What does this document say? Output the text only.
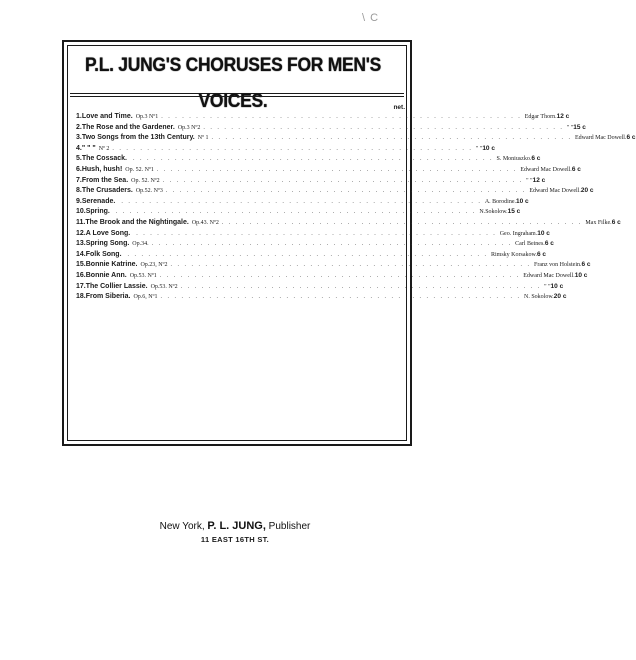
\ C
P.L. JUNG'S CHORUSES FOR MEN'S VOICES.	net.
1. Love and Time. Op.3 Nº1 . . . . . . . . . . . . . . . . . . . . . . . . . . . . . . . . . . . . . . . . . . . . . . . . . . . . Edgar Thorn. 12 c
2. The Rose and the Gardener. Op.3 Nº2 . . . . . . . . . . . . . . . . . . . . . . . . . . . . . . . . . . . . . . . . . . . . . . . . . . . . " " 15 c
3. Two Songs from the 13th Century. Nº 1 . . . . . . . . . . . . . . . . . . . . . . . . . . . . . . . . . . . . . . . . . . . . . . . . . . . . Edward Mac Dowell. 6 c
4. " " " Nº 2 . . . . . . . . . . . . . . . . . . . . . . . . . . . . . . . . . . . . . . . . . . . . . . . . . . . . " " 10 c
5. The Cossack. . . . . . . . . . . . . . . . . . . . . . . . . . . . . . . . . . . . . . . . . . . . . . . . . . . . . S. Moniuszko. 6 c
6. Hush, hush! Op. 52. Nº1 . . . . . . . . . . . . . . . . . . . . . . . . . . . . . . . . . . . . . . . . . . . . . . . . . . . . Edward Mac Dowell. 6 c
7. From the Sea. Op. 52. Nº2 . . . . . . . . . . . . . . . . . . . . . . . . . . . . . . . . . . . . . . . . . . . . . . . . . . . . " " 12 c
8. The Crusaders. Op.52. Nº3 . . . . . . . . . . . . . . . . . . . . . . . . . . . . . . . . . . . . . . . . . . . . . . . . . . . . Edward Mac Dowell. 20 c
9. Serenade. . . . . . . . . . . . . . . . . . . . . . . . . . . . . . . . . . . . . . . . . . . . . . . . . . . . . A. Borodine. 10 c
10. Spring. . . . . . . . . . . . . . . . . . . . . . . . . . . . . . . . . . . . . . . . . . . . . . . . . . . . . N.Sokolow. 15 c
11. The Brook and the Nightingale. Op.43. Nº2 . . . . . . . . . . . . . . . . . . . . . . . . . . . . . . . . . . . . . . . . . . . . . . . . . . . . Max Filke. 6 c
12. A Love Song. . . . . . . . . . . . . . . . . . . . . . . . . . . . . . . . . . . . . . . . . . . . . . . . . . . . . Geo. Ingraham. 10 c
13. Spring Song. Op.34. . . . . . . . . . . . . . . . . . . . . . . . . . . . . . . . . . . . . . . . . . . . . . . . . . . . . Carl Beines. 6 c
14. Folk Song. . . . . . . . . . . . . . . . . . . . . . . . . . . . . . . . . . . . . . . . . . . . . . . . . . . . . Rimsky Korsakow. 6 c
15. Bonnie Katrine. Op.23, Nº2 . . . . . . . . . . . . . . . . . . . . . . . . . . . . . . . . . . . . . . . . . . . . . . . . . . . . Franz von Holstein. 6 c
16. Bonnie Ann. Op.53. Nº1 . . . . . . . . . . . . . . . . . . . . . . . . . . . . . . . . . . . . . . . . . . . . . . . . . . . . Edward Mac Dowell. 10 c
17. The Collier Lassie. Op.53. Nº2 . . . . . . . . . . . . . . . . . . . . . . . . . . . . . . . . . . . . . . . . . . . . . . . . . . . . " " 10 c
18. From Siberia. Op.6, Nº1 . . . . . . . . . . . . . . . . . . . . . . . . . . . . . . . . . . . . . . . . . . . . . . . . . . . . N. Sokolow. 20 c
New York, P. L. JUNG, Publisher
11 EAST 16TH ST.
